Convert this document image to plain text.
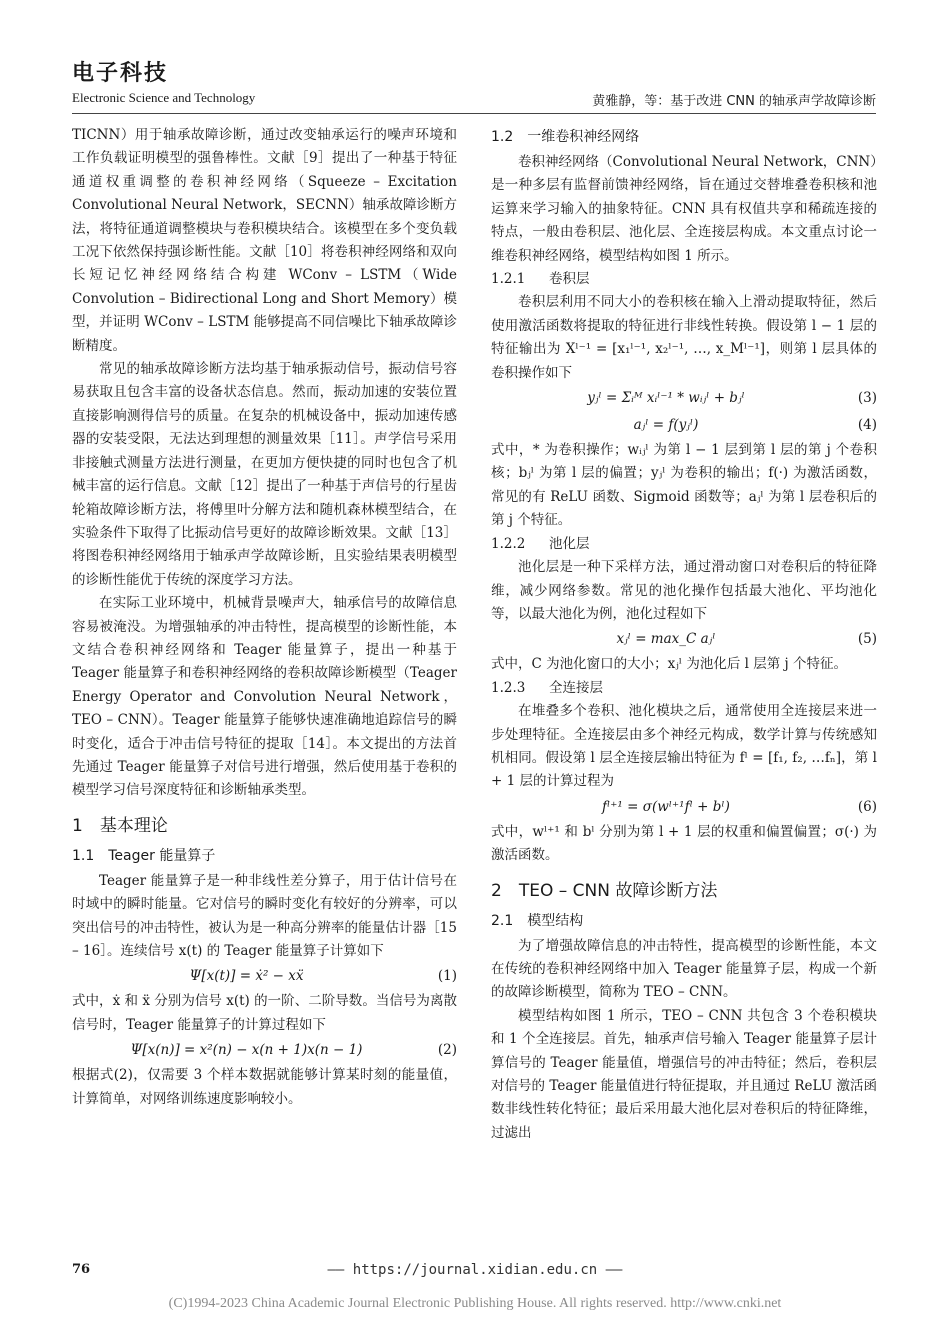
电子科技
Electronic Science and Technology	黄雅静，等：基于改进 CNN 的轴承声学故障诊断

TICNN）用于轴承故障诊断，通过改变轴承运行的噪声环境和工作负载证明模型的强鲁棒性。文献［9］提出了一种基于特征通道权重调整的卷积神经网络（Squeeze – Excitation Convolutional Neural Network，SECNN）轴承故障诊断方法，将特征通道调整模块与卷积模块结合。该模型在多个变负载工况下依然保持强诊断性能。文献［10］将卷积神经网络和双向长短记忆神经网络结合构建 WConv – LSTM（Wide Convolution – Bidirectional Long and Short Memory）模型，并证明 WConv – LSTM 能够提高不同信噪比下轴承故障诊断精度。

常见的轴承故障诊断方法均基于轴承振动信号，振动信号容易获取且包含丰富的设备状态信息。然而，振动加速的安装位置直接影响测得信号的质量。在复杂的机械设备中，振动加速传感器的安装受限，无法达到理想的测量效果［11］。声学信号采用非接触式测量方法进行测量，在更加方便快捷的同时也包含了机械丰富的运行信息。文献［12］提出了一种基于声信号的行星齿轮箱故障诊断方法，将傅里叶分解方法和随机森林模型结合，在实验条件下取得了比振动信号更好的故障诊断效果。文献［13］将图卷积神经网络用于轴承声学故障诊断，且实验结果表明模型的诊断性能优于传统的深度学习方法。

在实际工业环境中，机械背景噪声大，轴承信号的故障信息容易被淹没。为增强轴承的冲击特性，提高模型的诊断性能，本文结合卷积神经网络和 Teager 能量算子，提出一种基于 Teager 能量算子和卷积神经网络的卷积故障诊断模型（Teager Energy Operator and Convolution Neural Network，TEO – CNN）。Teager 能量算子能够快速准确地追踪信号的瞬时变化，适合于冲击信号特征的提取［14］。本文提出的方法首先通过 Teager 能量算子对信号进行增强，然后使用基于卷积的模型学习信号深度特征和诊断轴承类型。

1　基本理论
1.1　Teager 能量算子

Teager 能量算子是一种非线性差分算子，用于估计信号在时域中的瞬时能量。它对信号的瞬时变化有较好的分辨率，可以突出信号的冲击特性，被认为是一种高分辨率的能量估计器［15 – 16］。连续信号 x(t) 的 Teager 能量算子计算如下

Ψ[x(t)] = ẋ² − xẍ	(1)

式中，ẋ 和 ẍ 分别为信号 x(t) 的一阶、二阶导数。当信号为离散信号时，Teager 能量算子的计算过程如下

Ψ[x(n)] = x²(n) − x(n + 1)x(n − 1)	(2)

根据式(2)，仅需要 3 个样本数据就能够计算某时刻的能量值，计算简单，对网络训练速度影响较小。

1.2　一维卷积神经网络

卷积神经网络（Convolutional Neural Network，CNN）是一种多层有监督前馈神经网络，旨在通过交替堆叠卷积核和池运算来学习输入的抽象特征。CNN 具有权值共享和稀疏连接的特点，一般由卷积层、池化层、全连接层构成。本文重点讨论一维卷积神经网络，模型结构如图 1 所示。

1.2.1 卷积层

卷积层利用不同大小的卷积核在输入上滑动提取特征，然后使用激活函数将提取的特征进行非线性转换。假设第 l − 1 层的特征输出为 Xˡ⁻¹ = [x₁ˡ⁻¹, x₂ˡ⁻¹, …, x_Mˡ⁻¹]，则第 l 层具体的卷积操作如下

yⱼˡ = Σᵢᴹ xᵢˡ⁻¹ * wᵢⱼˡ + bⱼˡ	(3)
aⱼˡ = f(yⱼˡ)	(4)

式中，* 为卷积操作；wᵢⱼˡ 为第 l − 1 层到第 l 层的第 j 个卷积核；bⱼˡ 为第 l 层的偏置；yⱼˡ 为卷积的输出；f(·) 为激活函数，常见的有 ReLU 函数、Sigmoid 函数等；aⱼˡ 为第 l 层卷积后的第 j 个特征。

1.2.2 池化层

池化层是一种下采样方法，通过滑动窗口对卷积后的特征降维，减少网络参数。常见的池化操作包括最大池化、平均池化等，以最大池化为例，池化过程如下

xⱼˡ = max_C aⱼˡ	(5)

式中，C 为池化窗口的大小；xⱼˡ 为池化后 l 层第 j 个特征。

1.2.3 全连接层

在堆叠多个卷积、池化模块之后，通常使用全连接层来进一步处理特征。全连接层由多个神经元构成，数学计算与传统感知机相同。假设第 l 层全连接层输出特征为 fˡ = [f₁, f₂, …fₙ]，第 l + 1 层的计算过程为

fˡ⁺¹ = σ(wˡ⁺¹fˡ + bˡ)	(6)

式中，wˡ⁺¹ 和 bˡ 分别为第 l + 1 层的权重和偏置偏置；σ(·) 为激活函数。

2　TEO – CNN 故障诊断方法
2.1　模型结构

为了增强故障信息的冲击特性，提高模型的诊断性能，本文在传统的卷积神经网络中加入 Teager 能量算子层，构成一个新的故障诊断模型，简称为 TEO – CNN。

模型结构如图 1 所示，TEO – CNN 共包含 3 个卷积模块和 1 个全连接层。首先，轴承声信号输入 Teager 能量算子层计算信号的 Teager 能量值，增强信号的冲击特征；然后，卷积层对信号的 Teager 能量值进行特征提取，并且通过 ReLU 激活函数非线性转化特征；最后采用最大池化层对卷积后的特征降维，过滤出

76	—— https://journal.xidian.edu.cn ——
(C)1994-2023 China Academic Journal Electronic Publishing House. All rights reserved. http://www.cnki.net
